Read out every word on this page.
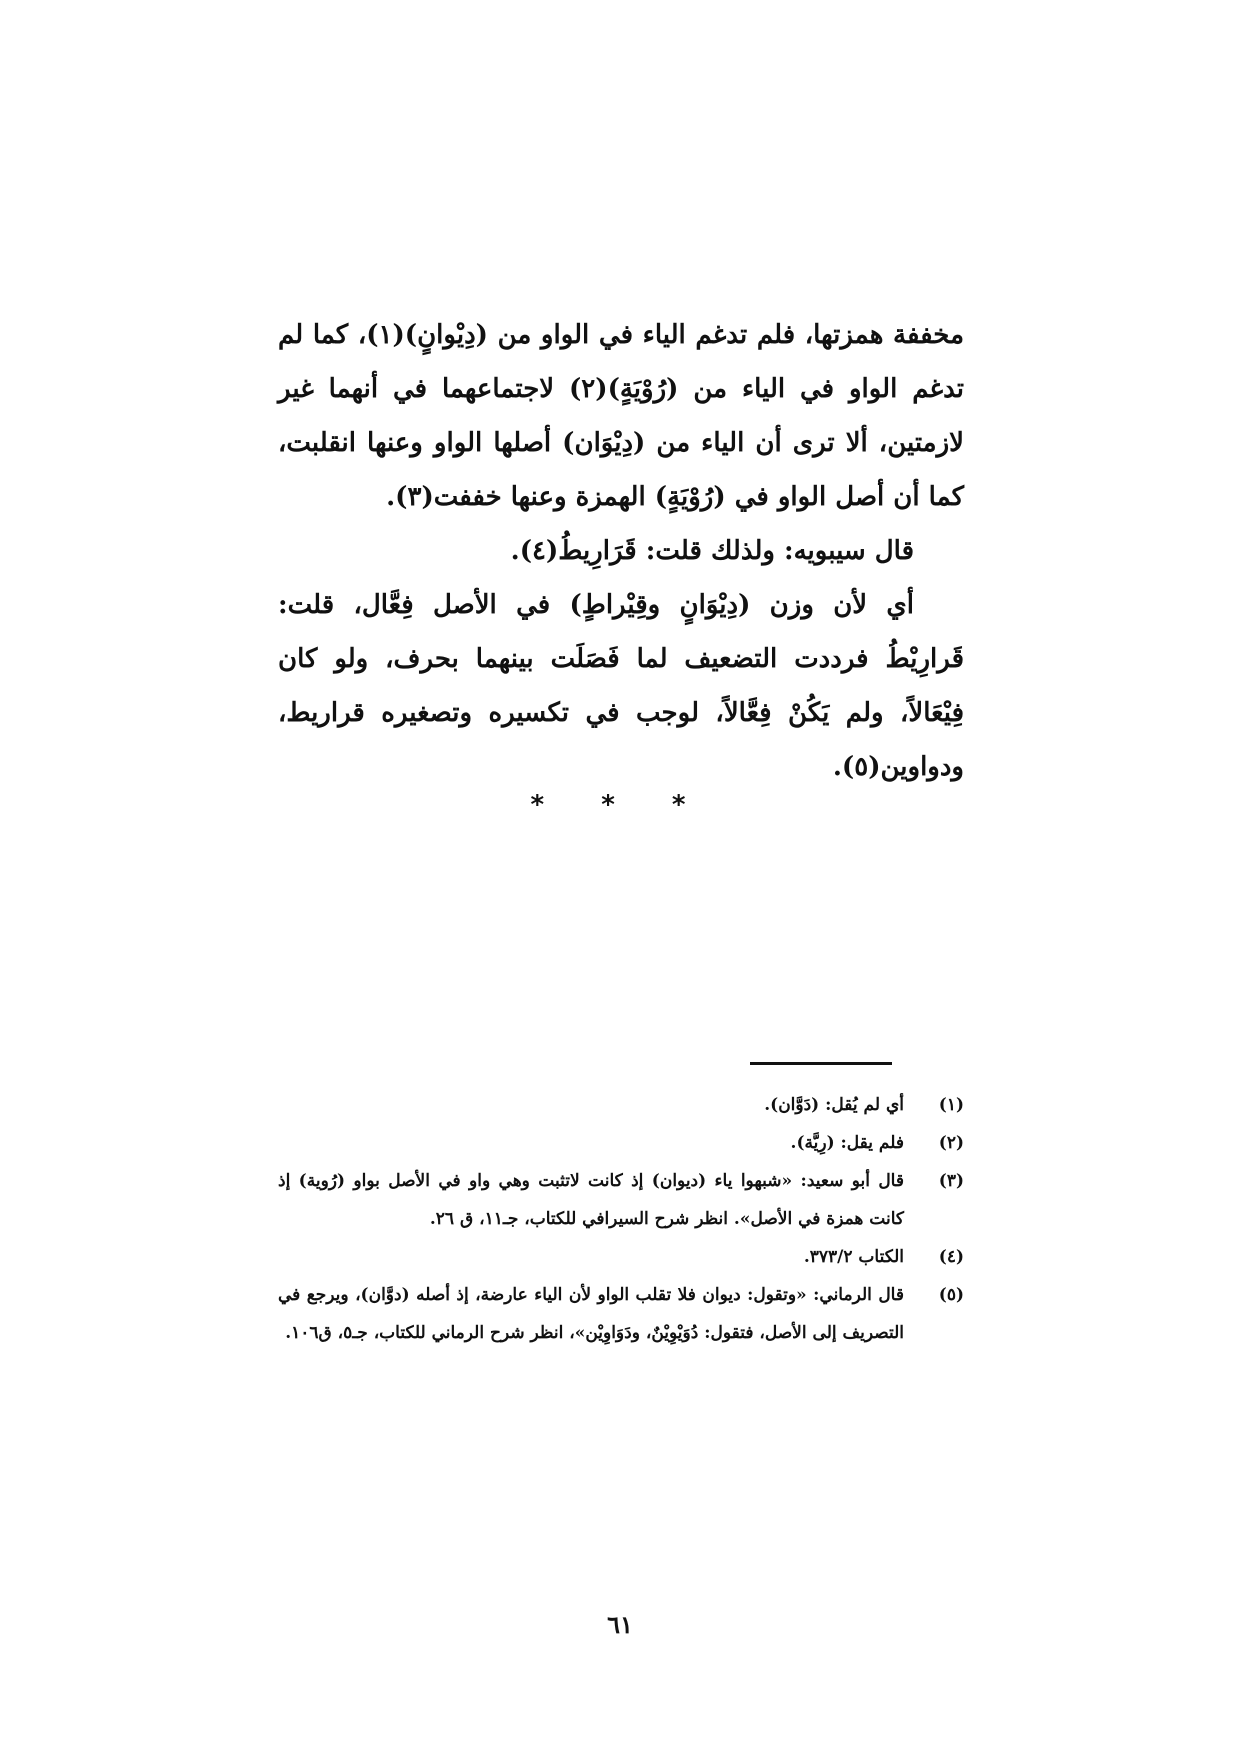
مخففة همزتها، فلم تدغم الياء في الواو من (دِيْوانٍ)(١)، كما لم تدغم الواو في الياء من (رُوْيَةٍ)(٢) لاجتماعهما في أنهما غير لازمتين، ألا ترى أن الياء من (دِيْوَان) أصلها الواو وعنها انقلبت، كما أن أصل الواو في (رُوْيَةٍ) الهمزة وعنها خففت(٣).

قال سيبويه: ولذلك قلت: قَرَارِيطُ(٤).

أي لأن وزن (دِيْوَانٍ وقِيْراطٍ) في الأصل فِعَّال، قلت: قَرارِيْطُ فرددت التضعيف لما فَصَلَت بينهما بحرف، ولو كان فِيْعَالاً، ولم يَكُنْ فِعَّالاً، لوجب في تكسيره وتصغيره قراريط، ودواوين(٥).

* * *
(١)
أي لم يُقل: (دَوَّان).
(٢)
فلم يقل: (رِيَّة).
(٣)
قال أبو سعيد: «شبهوا ياء (ديوان) إذ كانت لاتثبت وهي واو في الأصل بواو (رُوية) إذ كانت همزة في الأصل». انظر شرح السيرافي للكتاب، جـ١١، ق ٢٦.
(٤)
الكتاب ٣٧٣/٢.
(٥)
قال الرماني: «وتقول: ديوان فلا تقلب الواو لأن الياء عارضة، إذ أصله (دوَّان)، ويرجع في التصريف إلى الأصل، فتقول: دُوَيْوِيْنٌ، ودَوَاوِيْن»، انظر شرح الرماني للكتاب، جـ٥، ق١٠٦.
٦١
